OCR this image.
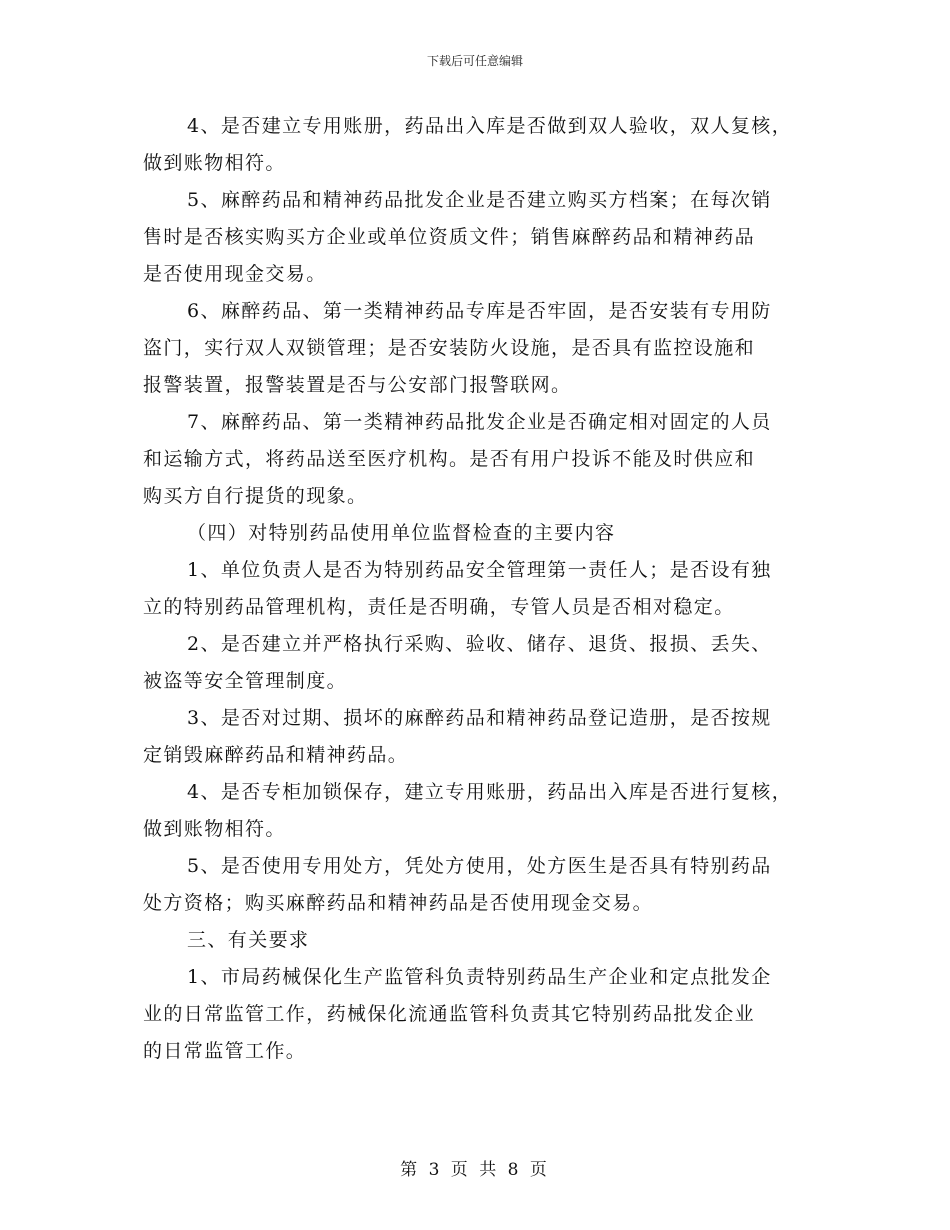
下载后可任意编辑

4、是否建立专用账册，药品出入库是否做到双人验收，双人复核，
做到账物相符。

5、麻醉药品和精神药品批发企业是否建立购买方档案；在每次销
售时是否核实购买方企业或单位资质文件；销售麻醉药品和精神药品
是否使用现金交易。

6、麻醉药品、第一类精神药品专库是否牢固，是否安装有专用防
盗门，实行双人双锁管理；是否安装防火设施，是否具有监控设施和
报警装置，报警装置是否与公安部门报警联网。

7、麻醉药品、第一类精神药品批发企业是否确定相对固定的人员
和运输方式，将药品送至医疗机构。是否有用户投诉不能及时供应和
购买方自行提货的现象。

（四）对特别药品使用单位监督检查的主要内容

1、单位负责人是否为特别药品安全管理第一责任人；是否设有独
立的特别药品管理机构，责任是否明确，专管人员是否相对稳定。

2、是否建立并严格执行采购、验收、储存、退货、报损、丢失、
被盗等安全管理制度。

3、是否对过期、损坏的麻醉药品和精神药品登记造册，是否按规
定销毁麻醉药品和精神药品。

4、是否专柜加锁保存，建立专用账册，药品出入库是否进行复核，
做到账物相符。

5、是否使用专用处方，凭处方使用，处方医生是否具有特别药品
处方资格；购买麻醉药品和精神药品是否使用现金交易。

三、有关要求

1、市局药械保化生产监管科负责特别药品生产企业和定点批发企
业的日常监管工作，药械保化流通监管科负责其它特别药品批发企业
的日常监管工作。

第 3 页 共 8 页
